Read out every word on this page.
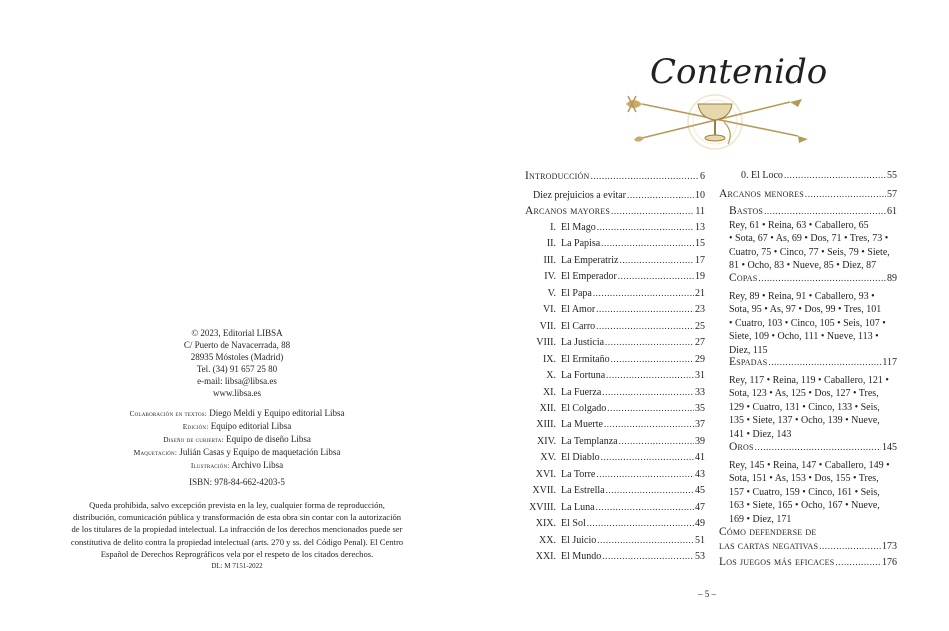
© 2023, Editorial LIBSA
C/ Puerto de Navacerrada, 88
28935 Móstoles (Madrid)
Tel. (34) 91 657 25 80
e-mail: libsa@libsa.es
www.libsa.es
Colaboración en textos: Diego Meldi y Equipo editorial Libsa
Edición: Equipo editorial Libsa
Diseño de cubierta: Equipo de diseño Libsa
Maquetación: Julián Casas y Equipo de maquetación Libsa
Ilustración: Archivo Libsa
ISBN: 978-84-662-4203-5
Queda prohibida, salvo excepción prevista en la ley, cualquier forma de reproducción,
distribución, comunicación pública y transformación de esta obra sin contar con la autorización
de los titulares de la propiedad intelectual. La infracción de los derechos mencionados puede ser
constitutiva de delito contra la propiedad intelectual (arts. 270 y ss. del Código Penal). El Centro
Español de Derechos Reprográficos vela por el respeto de los citados derechos.
DL: M 7151-2022
Contenido
Introducción .....	6
Diez prejuicios a evitar .....	10
Arcanos mayores .....	11
I. El Mago .....	13
II. La Papisa .....	15
III. La Emperatriz .....	17
IV. El Emperador .....	19
V. El Papa .....	21
VI. El Amor .....	23
VII. El Carro .....	25
VIII. La Justicia .....	27
IX. El Ermitaño .....	29
X. La Fortuna .....	31
XI. La Fuerza .....	33
XII. El Colgado .....	35
XIII. La Muerte .....	37
XIV. La Templanza .....	39
XV. El Diablo .....	41
XVI. La Torre .....	43
XVII. La Estrella .....	45
XVIII. La Luna .....	47
XIX. El Sol .....	49
XX. El Juicio .....	51
XXI. El Mundo .....	53
0. El Loco .....	55
Arcanos menores .....	57
Bastos .....	61
Rey, 61 • Reina, 63 • Caballero, 65
• Sota, 67 • As, 69 • Dos, 71 • Tres, 73 •
Cuatro, 75 • Cinco, 77 • Seis, 79 • Siete,
81 • Ocho, 83 • Nueve, 85 • Diez, 87
Copas .....	89
Rey, 89 • Reina, 91 • Caballero, 93 •
Sota, 95 • As, 97 • Dos, 99 • Tres, 101
• Cuatro, 103 • Cinco, 105 • Seis, 107 •
Siete, 109 • Ocho, 111 • Nueve, 113 •
Diez, 115
Espadas .....	117
Rey, 117 • Reina, 119 • Caballero, 121 •
Sota, 123 • As, 125 • Dos, 127 • Tres,
129 • Cuatro, 131 • Cinco, 133 • Seis,
135 • Siete, 137 • Ocho, 139 • Nueve,
141 • Diez, 143
Oros .....	145
Rey, 145 • Reina, 147 • Caballero, 149 •
Sota, 151 • As, 153 • Dos, 155 • Tres,
157 • Cuatro, 159 • Cinco, 161 • Seis,
163 • Siete, 165 • Ocho, 167 • Nueve,
169 • Diez, 171
Cómo defenderse de
las cartas negativas .....	173
Los juegos más eficaces .....	176
– 5 –
